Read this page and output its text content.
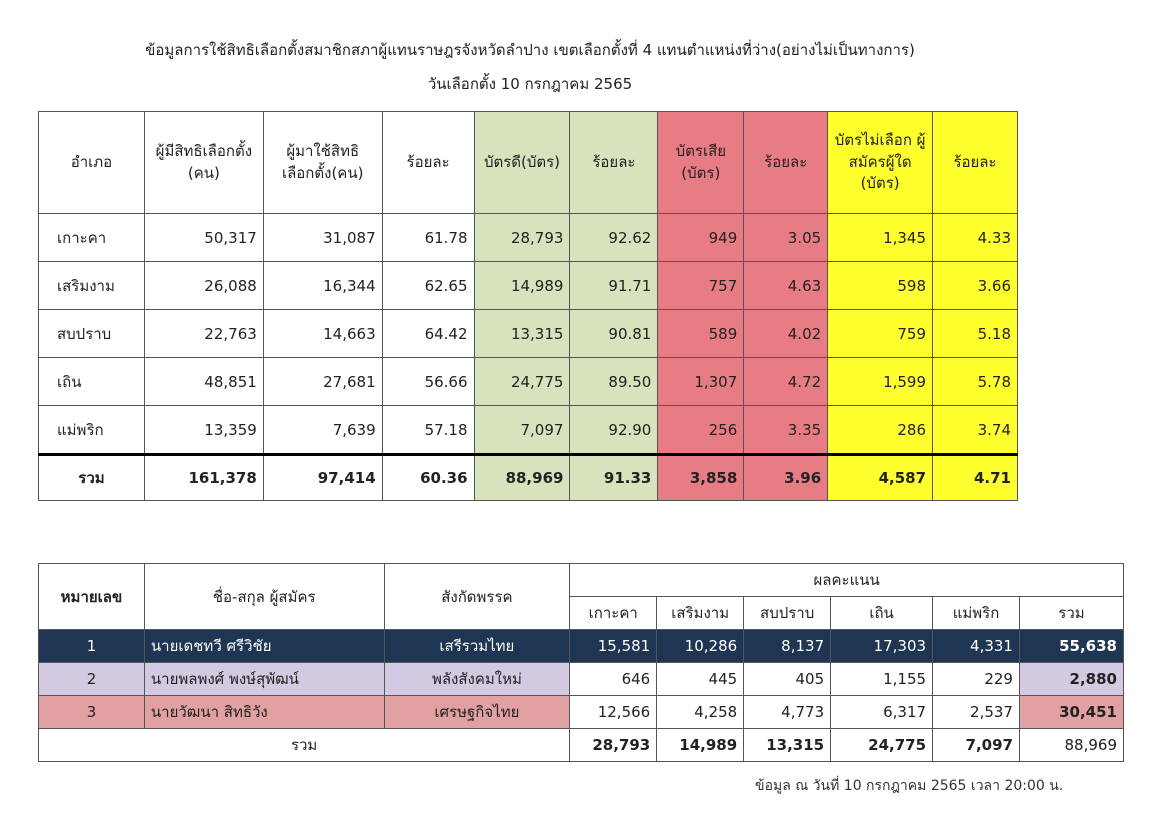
ข้อมูลการใช้สิทธิเลือกตั้งสมาชิกสภาผู้แทนราษฎรจังหวัดลำปาง เขตเลือกตั้งที่ 4 แทนตำแหน่งที่ว่าง(อย่างไม่เป็นทางการ)
วันเลือกตั้ง 10 กรกฎาคม 2565
อำเภอ	ผู้มีสิทธิเลือกตั้ง (คน)	ผู้มาใช้สิทธิ เลือกตั้ง(คน)	ร้อยละ	บัตรดี(บัตร)	ร้อยละ	บัตรเสีย (บัตร)	ร้อยละ	บัตรไม่เลือก ผู้สมัครผู้ใด (บัตร)	ร้อยละ
เกาะคา	50,317	31,087	61.78	28,793	92.62	949	3.05	1,345	4.33
เสริมงาม	26,088	16,344	62.65	14,989	91.71	757	4.63	598	3.66
สบปราบ	22,763	14,663	64.42	13,315	90.81	589	4.02	759	5.18
เถิน	48,851	27,681	56.66	24,775	89.50	1,307	4.72	1,599	5.78
แม่พริก	13,359	7,639	57.18	7,097	92.90	256	3.35	286	3.74
รวม	161,378	97,414	60.36	88,969	91.33	3,858	3.96	4,587	4.71
หมายเลข	ชื่อ-สกุล ผู้สมัคร	สังกัดพรรค	ผลคะแนน					
			เกาะคา	เสริมงาม	สบปราบ	เถิน	แม่พริก	รวม
1	นายเดชทวี ศรีวิชัย	เสรีรวมไทย	15,581	10,286	8,137	17,303	4,331	55,638
2	นายพลพงศ์ พงษ์สุพัฒน์	พลังสังคมใหม่	646	445	405	1,155	229	2,880
3	นายวัฒนา สิทธิวัง	เศรษฐกิจไทย	12,566	4,258	4,773	6,317	2,537	30,451
รวม			28,793	14,989	13,315	24,775	7,097	88,969
ข้อมูล ณ วันที่ 10 กรกฎาคม 2565 เวลา 20:00 น.
